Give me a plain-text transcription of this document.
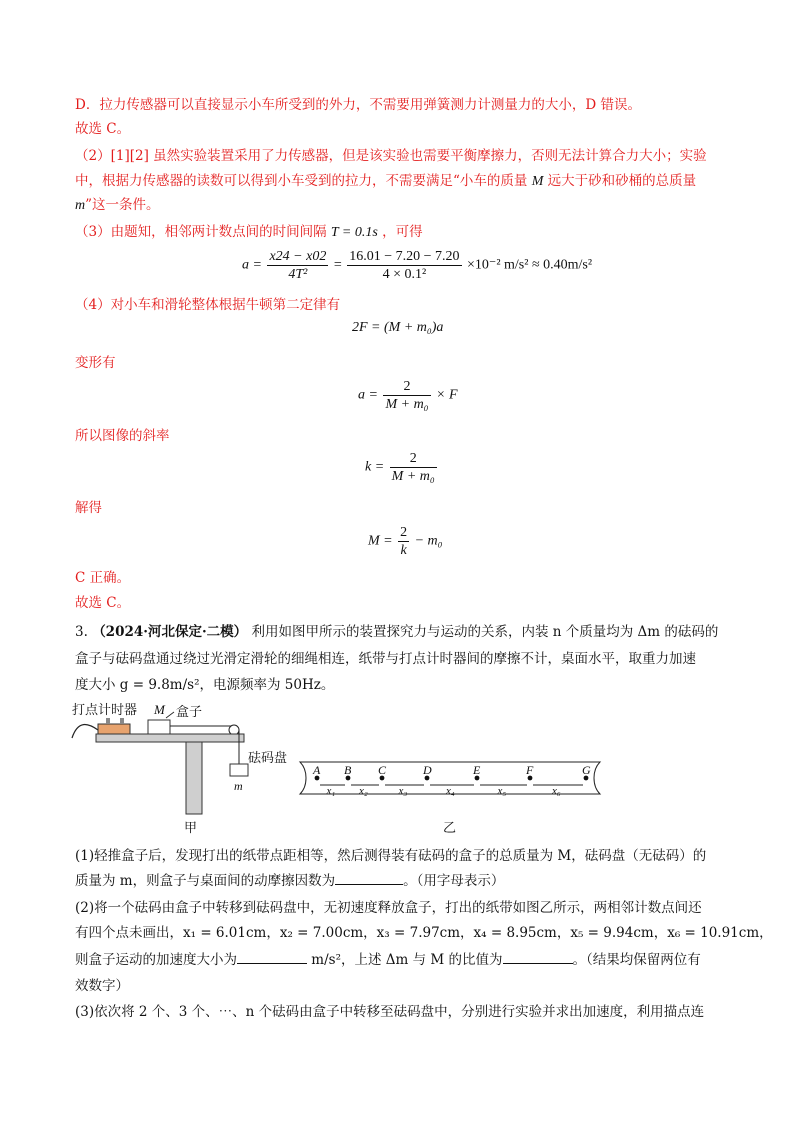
D．拉力传感器可以直接显示小车所受到的外力，不需要用弹簧测力计测量力的大小，D 错误。
故选 C。
（2）[1][2] 虽然实验装置采用了力传感器，但是该实验也需要平衡摩擦力，否则无法计算合力大小；实验
中，根据力传感器的读数可以得到小车受到的拉力，不需要满足“小车的质量 M 远大于砂和砂桶的总质量
m”这一条件。
（3）由题知，相邻两计数点间的时间间隔 T = 0.1s ，可得
$a = \frac{x24 - x02}{\text{4T²}} = \frac{16.01 - 7.20 - 7.20}{\text{4 × 0.1²}} \times 10^{-2}$ m/s² ≈ 0.40m/s²
（4）对小车和滑轮整体根据牛顿第二定律有
2F = (M + m₀)a
变形有
$a = \frac{2}{\text{M + m₀}} \times F$
所以图像的斜率
$k = \frac{2}{\text{M + m₀}}$
解得
$M = \frac{2}{k} - m_0$
C 正确。
故选 C。
3. （2024·河北保定·二模） 利用如图甲所示的装置探究力与运动的关系，内装 n 个质量均为 Δm 的砝码的
盒子与砝码盘通过绕过光滑定滑轮的细绳相连，纸带与打点计时器间的摩擦不计，桌面水平，取重力加速
度大小 g = 9.8m/s²，电源频率为 50Hz。
打点计时器 M 盒子
砝码盘
m
甲
A B C	D	E	F	G
x₁ x₂	x₃	x₄	x₅	x₆
乙
(1)轻推盒子后，发现打出的纸带点距相等，然后测得装有砝码的盒子的总质量为 M，砝码盘（无砝码）的
质量为 m，则盒子与桌面间的动摩擦因数为	。（用字母表示）
(2)将一个砝码由盒子中转移到砝码盘中，无初速度释放盒子，打出的纸带如图乙所示，两相邻计数点间还
有四个点未画出，x₁ = 6.01cm，x₂ = 7.00cm，x₃ = 7.97cm，x₄ = 8.95cm，x₅ = 9.94cm，x₆ = 10.91cm，
则盒子运动的加速度大小为	m/s²，上述 Δm 与 M 的比值为	。（结果均保留两位有
效数字）
(3)依次将 2 个、3 个、⋯、n 个砝码由盒子中转移至砝码盘中，分别进行实验并求出加速度，利用描点连
